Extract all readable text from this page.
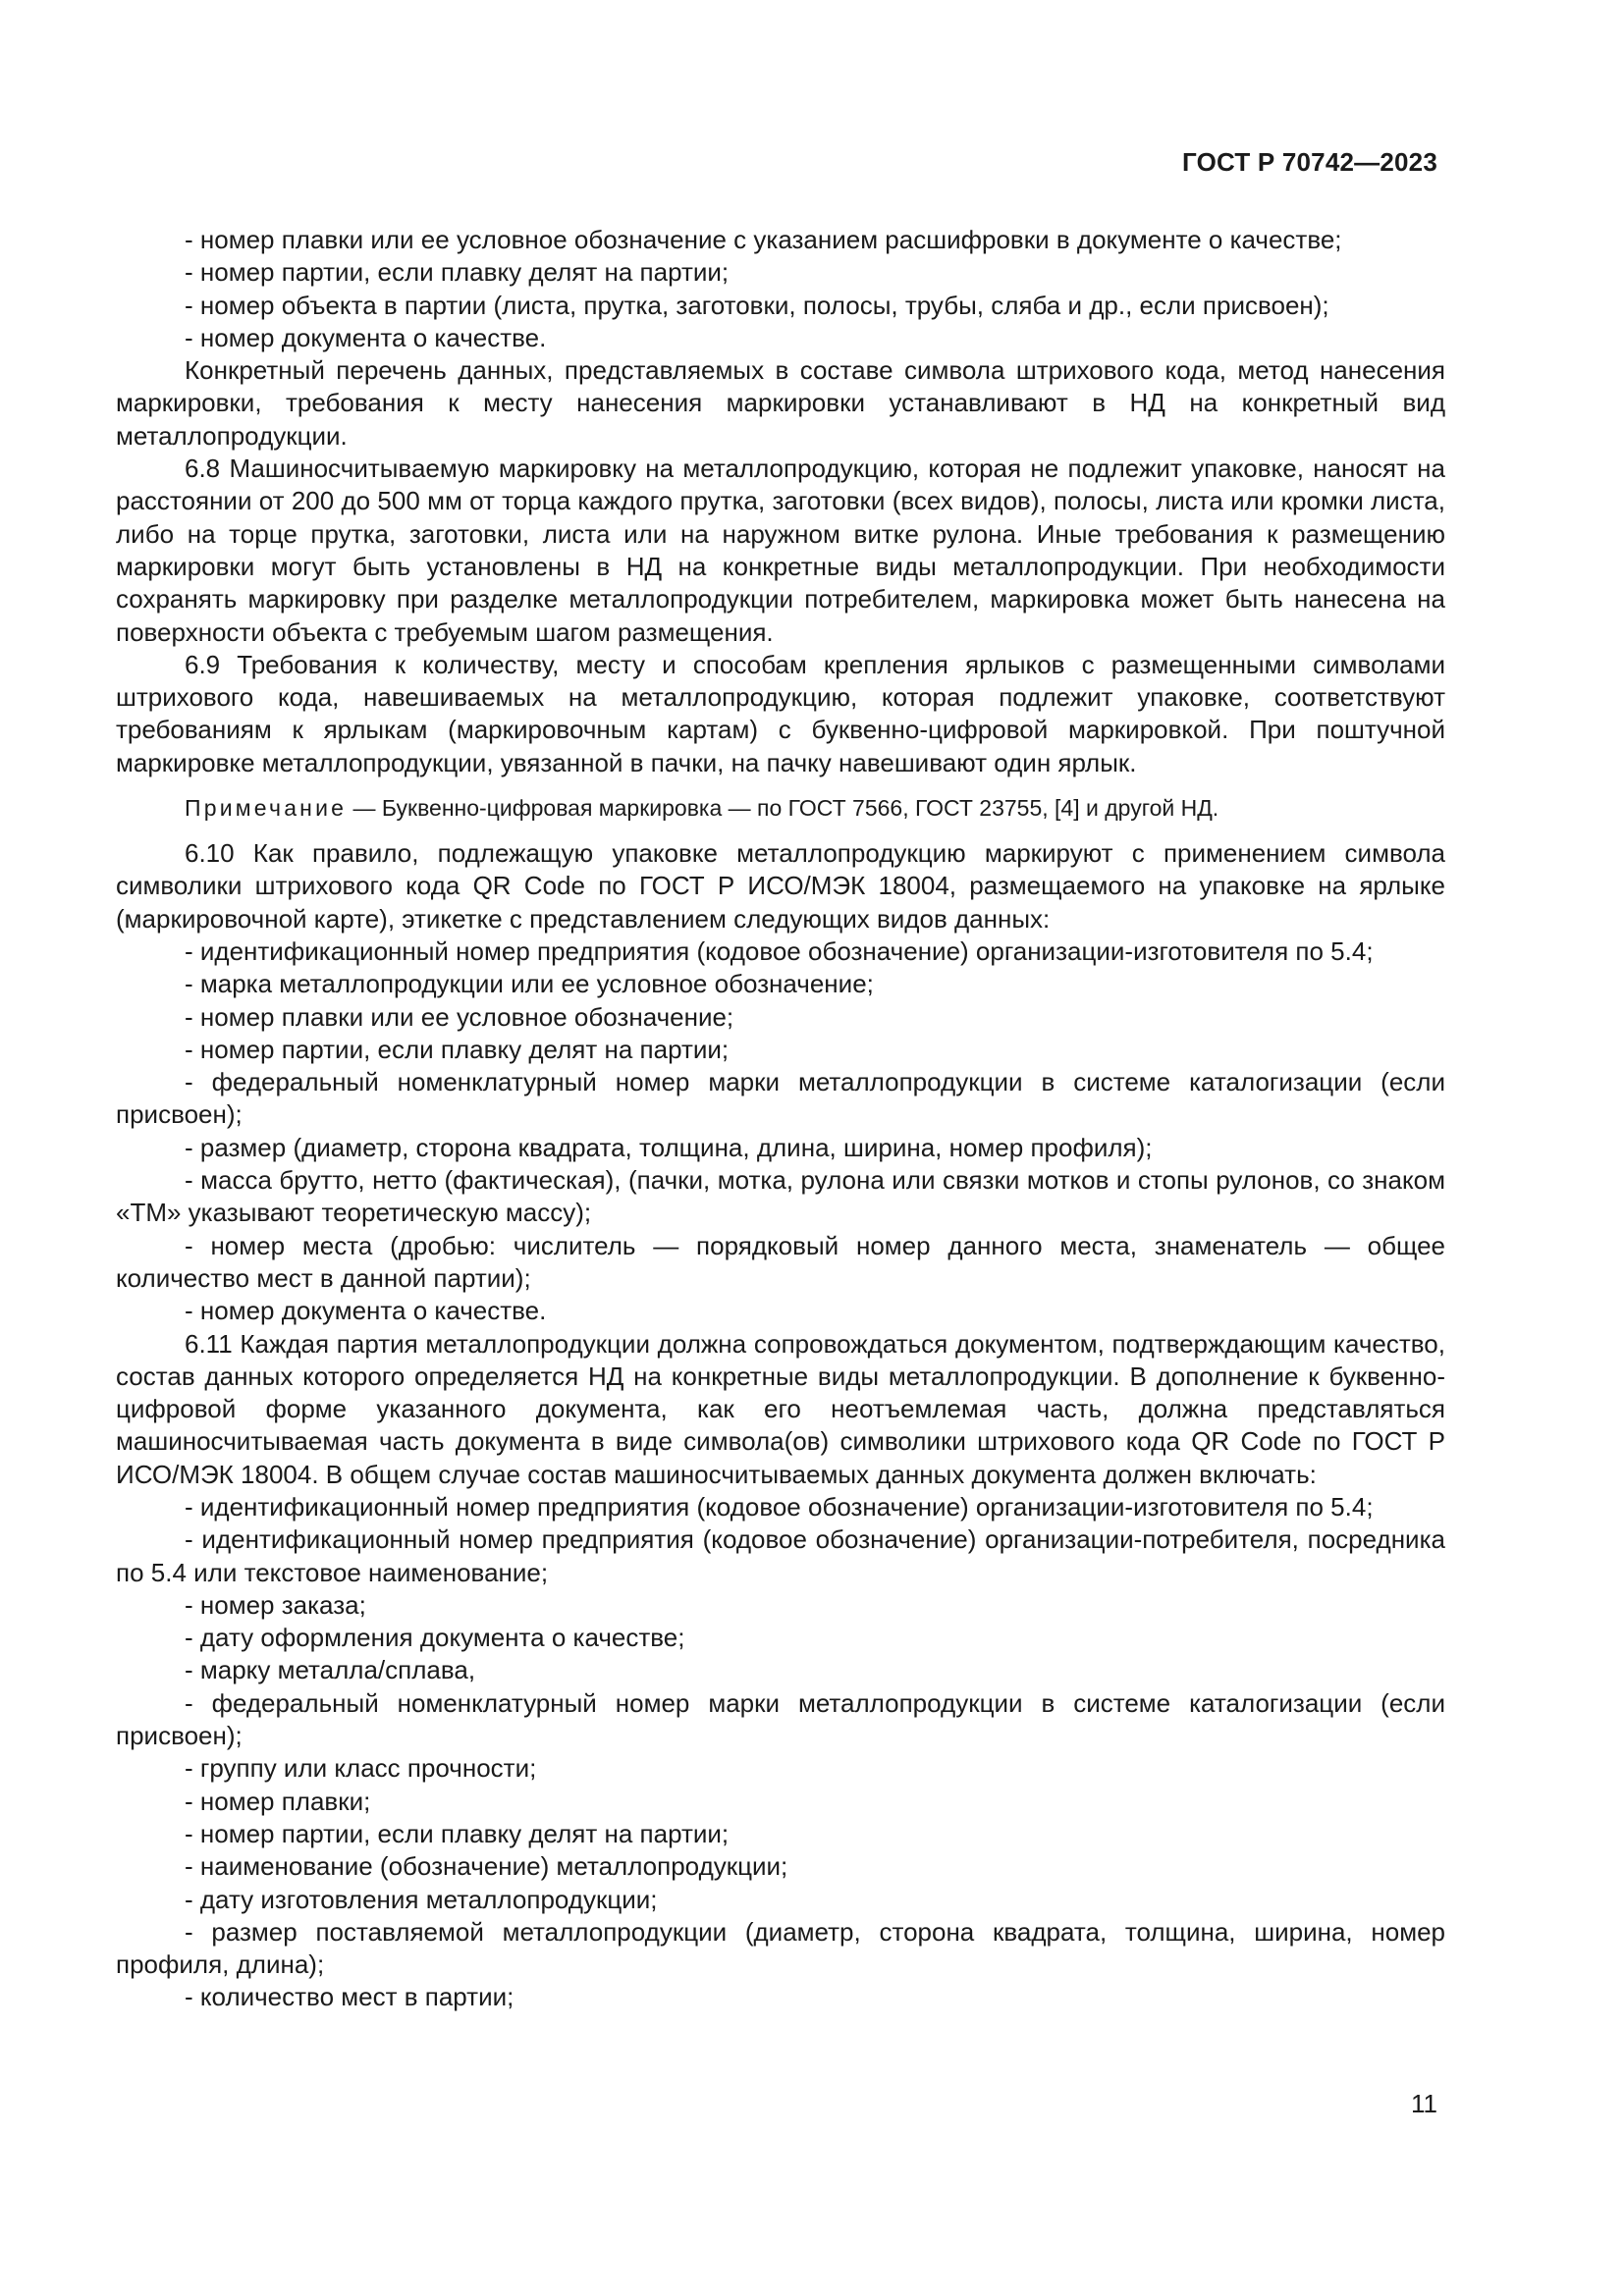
ГОСТ Р 70742—2023

- номер плавки или ее условное обозначение с указанием расшифровки в документе о качестве;

- номер партии, если плавку делят на партии;

- номер объекта в партии (листа, прутка, заготовки, полосы, трубы, сляба и др., если присвоен);

- номер документа о качестве.

Конкретный перечень данных, представляемых в составе символа штрихового кода, метод нанесения маркировки, требования к месту нанесения маркировки устанавливают в НД на конкретный вид металлопродукции.

6.8 Машиносчитываемую маркировку на металлопродукцию, которая не подлежит упаковке, наносят на расстоянии от 200 до 500 мм от торца каждого прутка, заготовки (всех видов), полосы, листа или кромки листа, либо на торце прутка, заготовки, листа или на наружном витке рулона. Иные требования к размещению маркировки могут быть установлены в НД на конкретные виды металлопродукции. При необходимости сохранять маркировку при разделке металлопродукции потребителем, маркировка может быть нанесена на поверхности объекта с требуемым шагом размещения.

6.9 Требования к количеству, месту и способам крепления ярлыков с размещенными символами штрихового кода, навешиваемых на металлопродукцию, которая подлежит упаковке, соответствуют требованиям к ярлыкам (маркировочным картам) с буквенно-цифровой маркировкой. При поштучной маркировке металлопродукции, увязанной в пачки, на пачку навешивают один ярлык.

Примечание — Буквенно-цифровая маркировка — по ГОСТ 7566, ГОСТ 23755, [4] и другой НД.

6.10 Как правило, подлежащую упаковке металлопродукцию маркируют с применением символа символики штрихового кода QR Code по ГОСТ Р ИСО/МЭК 18004, размещаемого на упаковке на ярлыке (маркировочной карте), этикетке с представлением следующих видов данных:

- идентификационный номер предприятия (кодовое обозначение) организации-изготовителя по 5.4;

- марка металлопродукции или ее условное обозначение;

- номер плавки или ее условное обозначение;

- номер партии, если плавку делят на партии;

- федеральный номенклатурный номер марки металлопродукции в системе каталогизации (если присвоен);

- размер (диаметр, сторона квадрата, толщина, длина, ширина, номер профиля);

- масса брутто, нетто (фактическая), (пачки, мотка, рулона или связки мотков и стопы рулонов, со знаком «ТМ» указывают теоретическую массу);

- номер места (дробью: числитель — порядковый номер данного места, знаменатель — общее количество мест в данной партии);

- номер документа о качестве.

6.11 Каждая партия металлопродукции должна сопровождаться документом, подтверждающим качество, состав данных которого определяется НД на конкретные виды металлопродукции. В дополнение к буквенно-цифровой форме указанного документа, как его неотъемлемая часть, должна представляться машиносчитываемая часть документа в виде символа(ов) символики штрихового кода QR Code по ГОСТ Р ИСО/МЭК 18004. В общем случае состав машиносчитываемых данных документа должен включать:

- идентификационный номер предприятия (кодовое обозначение) организации-изготовителя по 5.4;

- идентификационный номер предприятия (кодовое обозначение) организации-потребителя, посредника по 5.4 или текстовое наименование;

- номер заказа;

- дату оформления документа о качестве;

- марку металла/сплава,

- федеральный номенклатурный номер марки металлопродукции в системе каталогизации (если присвоен);

- группу или класс прочности;

- номер плавки;

- номер партии, если плавку делят на партии;

- наименование (обозначение) металлопродукции;

- дату изготовления металлопродукции;

- размер поставляемой металлопродукции (диаметр, сторона квадрата, толщина, ширина, номер профиля, длина);

- количество мест в партии;

11
